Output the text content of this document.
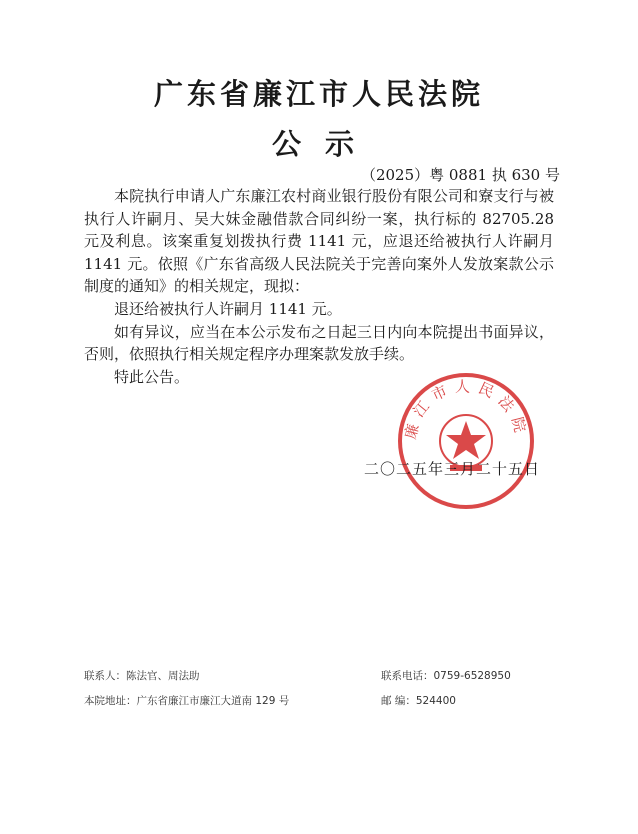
广东省廉江市人民法院
公示
（2025）粤 0881 执 630 号

本院执行申请人广东廉江农村商业银行股份有限公司和寮支行与被执行人许嗣月、吴大妹金融借款合同纠纷一案，执行标的 82705.28 元及利息。该案重复划拨执行费 1141 元，应退还给被执行人许嗣月 1141 元。依照《广东省高级人民法院关于完善向案外人发放案款公示制度的通知》的相关规定，现拟：

退还给被执行人许嗣月 1141 元。

如有异议，应当在本公示发布之日起三日内向本院提出书面异议，否则，依照执行相关规定程序办理案款发放手续。

特此公告。

廉江市人民法院
二〇二五年三月二十五日
联系人：陈法官、周法助	联系电话：0759-6528950
本院地址：广东省廉江市廉江大道南 129 号	邮 编：524400
